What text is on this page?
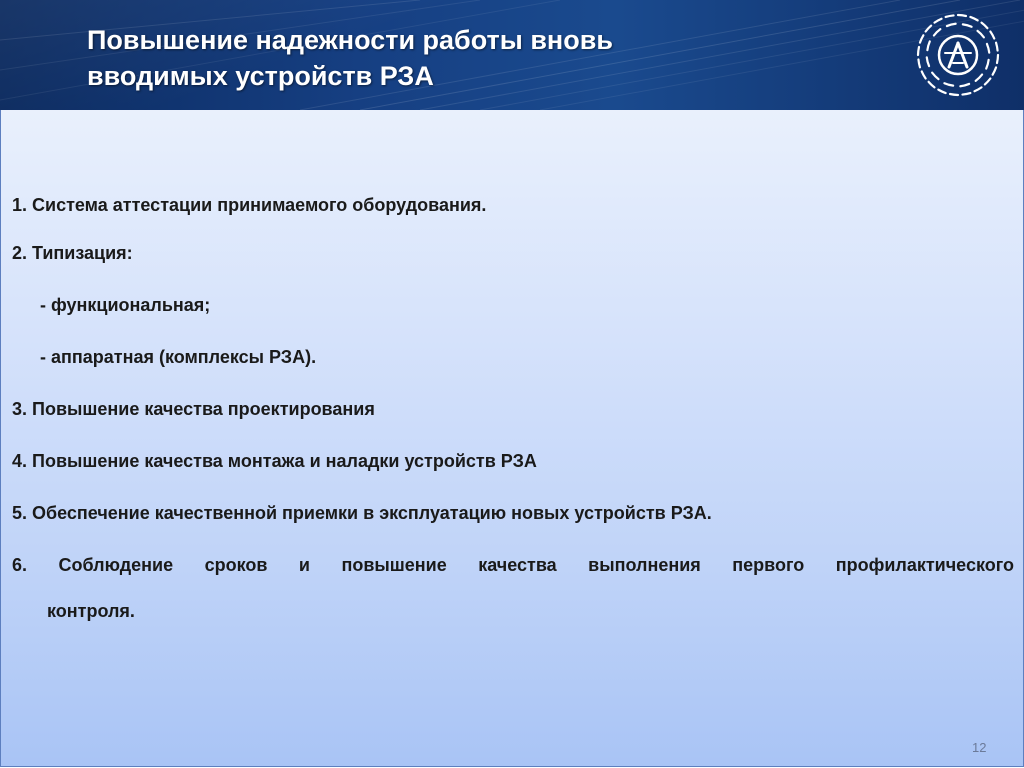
Повышение надежности работы вновь
вводимых устройств РЗА

1. Система аттестации принимаемого оборудования.

2. Типизация:

- функциональная;

- аппаратная (комплексы РЗА).

3. Повышение качества проектирования

4. Повышение качества монтажа и наладки устройств РЗА

5. Обеспечение качественной приемки в эксплуатацию новых устройств РЗА.

6. Соблюдение сроков и повышение качества выполнения первого профилактического

контроля.

12
